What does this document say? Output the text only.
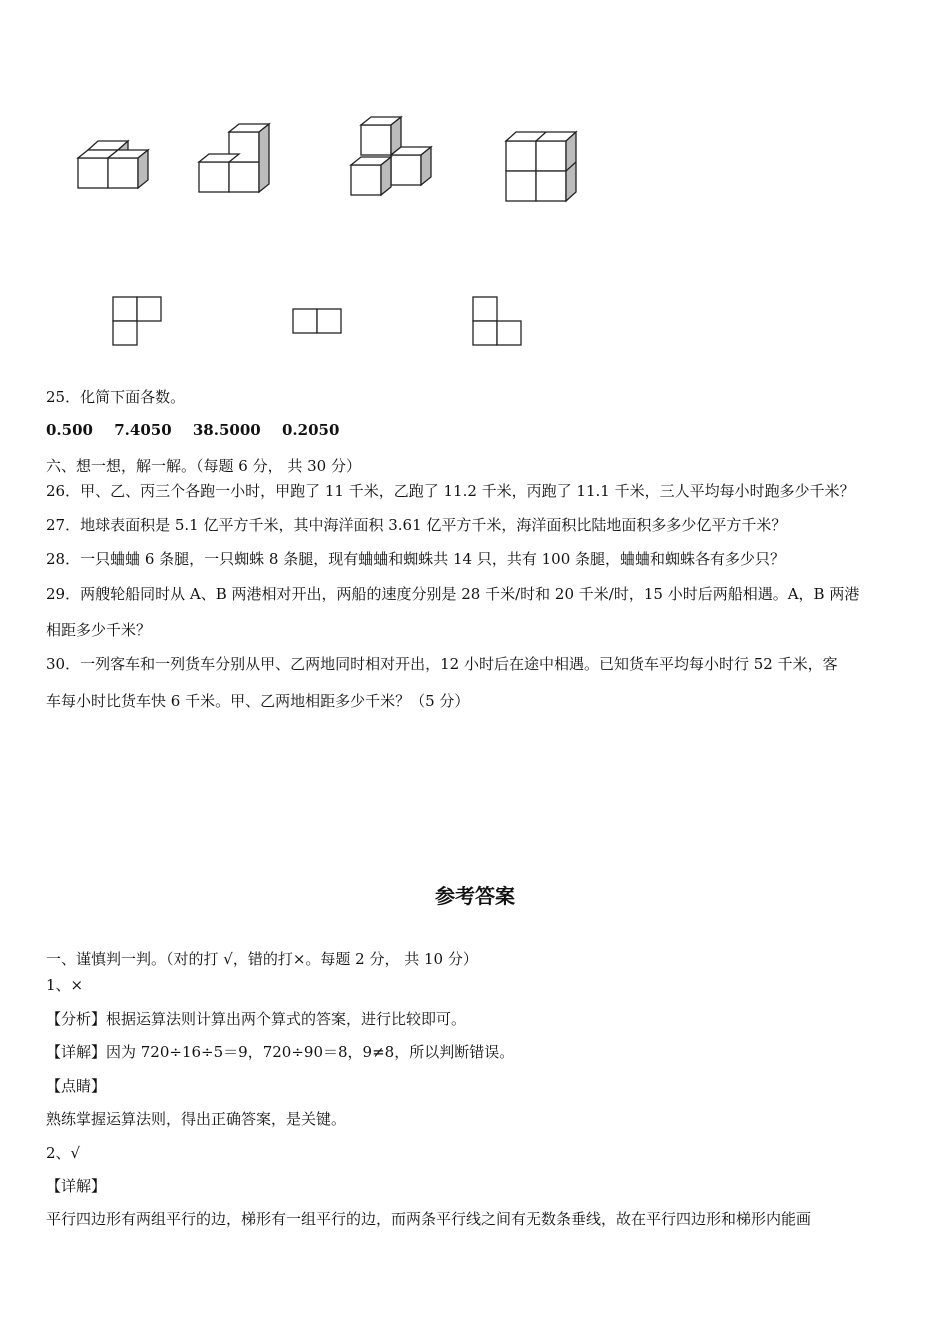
25．化简下面各数。
0.500 7.4050 38.5000 0.2050
六、想一想，解一解。（每题 6 分， 共 30 分）
26．甲、乙、丙三个各跑一小时，甲跑了 11 千米，乙跑了 11.2 千米，丙跑了 11.1 千米，三人平均每小时跑多少千米？
27．地球表面积是 5.1 亿平方千米，其中海洋面积 3.61 亿平方千米，海洋面积比陆地面积多多少亿平方千米？
28．一只蛐蛐 6 条腿，一只蜘蛛 8 条腿，现有蛐蛐和蜘蛛共 14 只，共有 100 条腿，蛐蛐和蜘蛛各有多少只？
29．两艘轮船同时从 A、B 两港相对开出，两船的速度分别是 28 千米/时和 20 千米/时，15 小时后两船相遇。A，B 两港
相距多少千米？
30．一列客车和一列货车分别从甲、乙两地同时相对开出，12 小时后在途中相遇。已知货车平均每小时行 52 千米，客
车每小时比货车快 6 千米。甲、乙两地相距多少千米？（5 分）
参考答案
一、谨慎判一判。（对的打 √，错的打×。每题 2 分， 共 10 分）
1、×
【分析】根据运算法则计算出两个算式的答案，进行比较即可。
【详解】因为 720÷16÷5＝9，720÷90＝8，9≠8，所以判断错误。
【点睛】
熟练掌握运算法则，得出正确答案，是关键。
2、√
【详解】
平行四边形有两组平行的边，梯形有一组平行的边，而两条平行线之间有无数条垂线，故在平行四边形和梯形内能画
